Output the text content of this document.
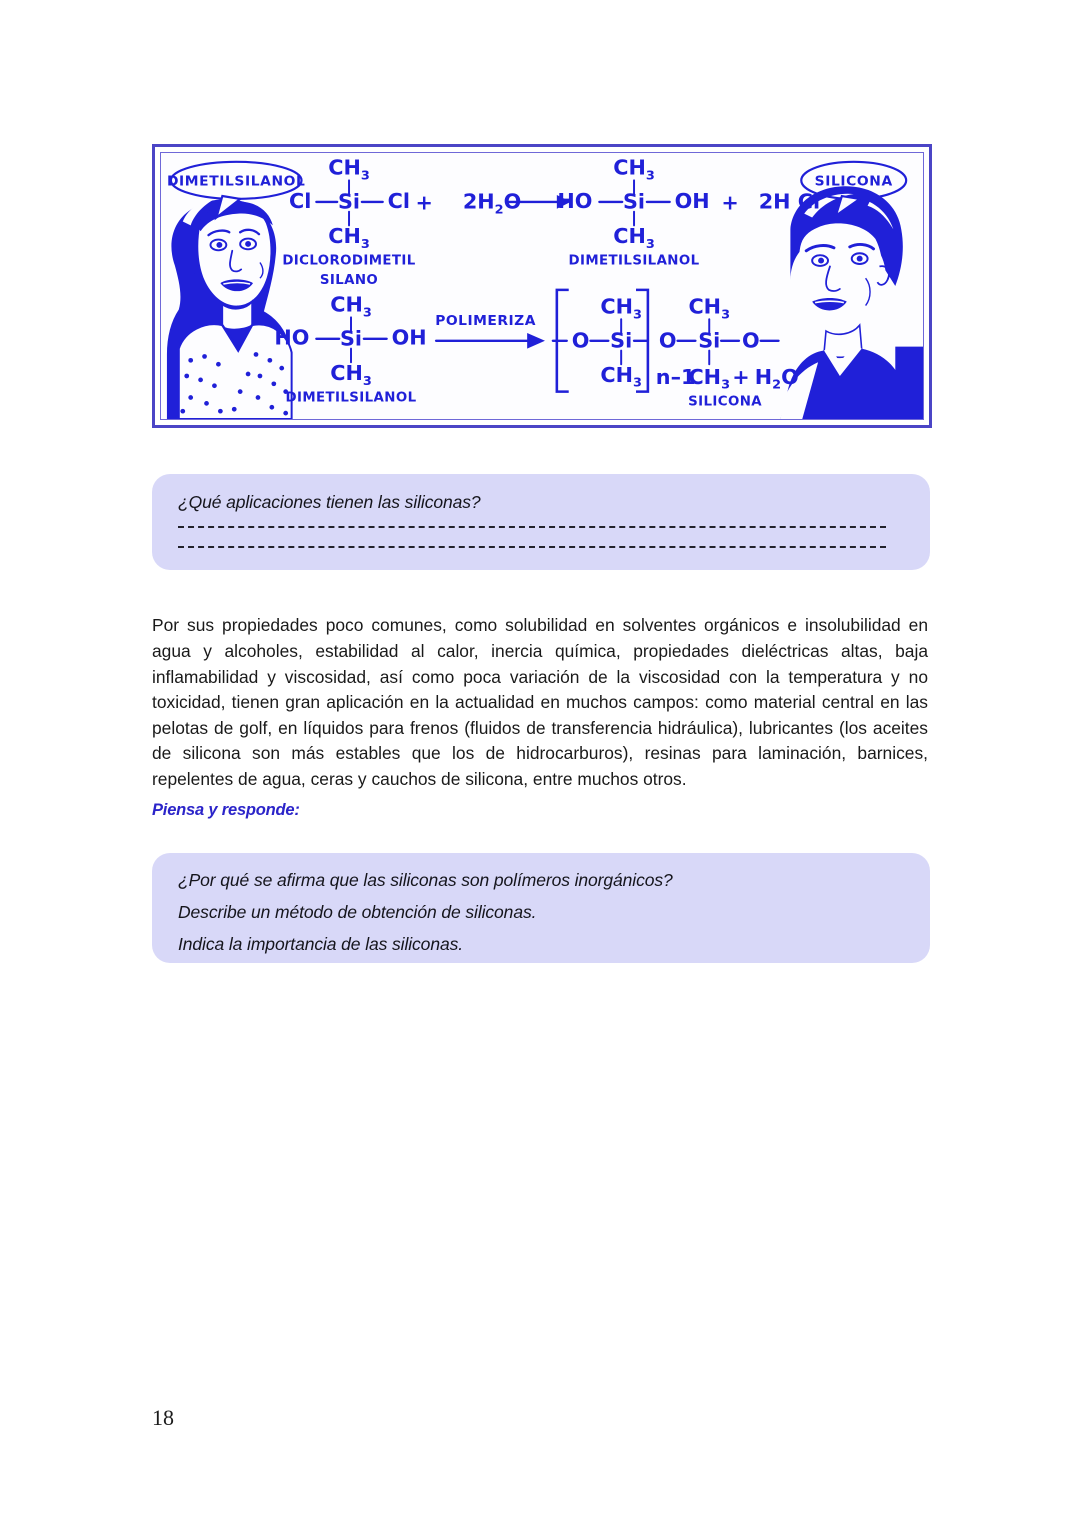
DIMETILSILANOL	SILICONA
$CH_3$
Cl Si Cl
$CH_3$
DICLORODIMETIL
SILANO
+ $2H_2O$
$CH_3$
HO Si OH
$CH_3$
DIMETILSILANOL
+ 2H Cl
$CH_3$
HO Si OH
$CH_3$
DIMETILSILANOL
POLIMERIZA
O Si
$CH_3$
$CH_3$ n–1
O Si O
$CH_3$
$CH_3 + H_2O$
SILICONA
¿Qué aplicaciones tienen las siliconas?

Por sus propiedades poco comunes, como solubilidad en solventes orgánicos e insolubilidad en agua y alcoholes, estabilidad al calor, inercia química, propiedades dieléctricas altas, baja inflamabilidad y viscosidad, así como poca variación de la viscosidad con la temperatura y no toxicidad, tienen gran aplicación en la actualidad en muchos campos: como material central en las pelotas de golf, en líquidos para frenos (fluidos de transferencia hidráulica), lubricantes (los aceites de silicona son más estables que los de hidrocarburos), resinas para laminación, barnices, repelentes de agua, ceras y cauchos de silicona, entre muchos otros.

Piensa y responde:
¿Por qué se afirma que las siliconas son polímeros inorgánicos?
Describe un método de obtención de siliconas.
Indica la importancia de las siliconas.
18
